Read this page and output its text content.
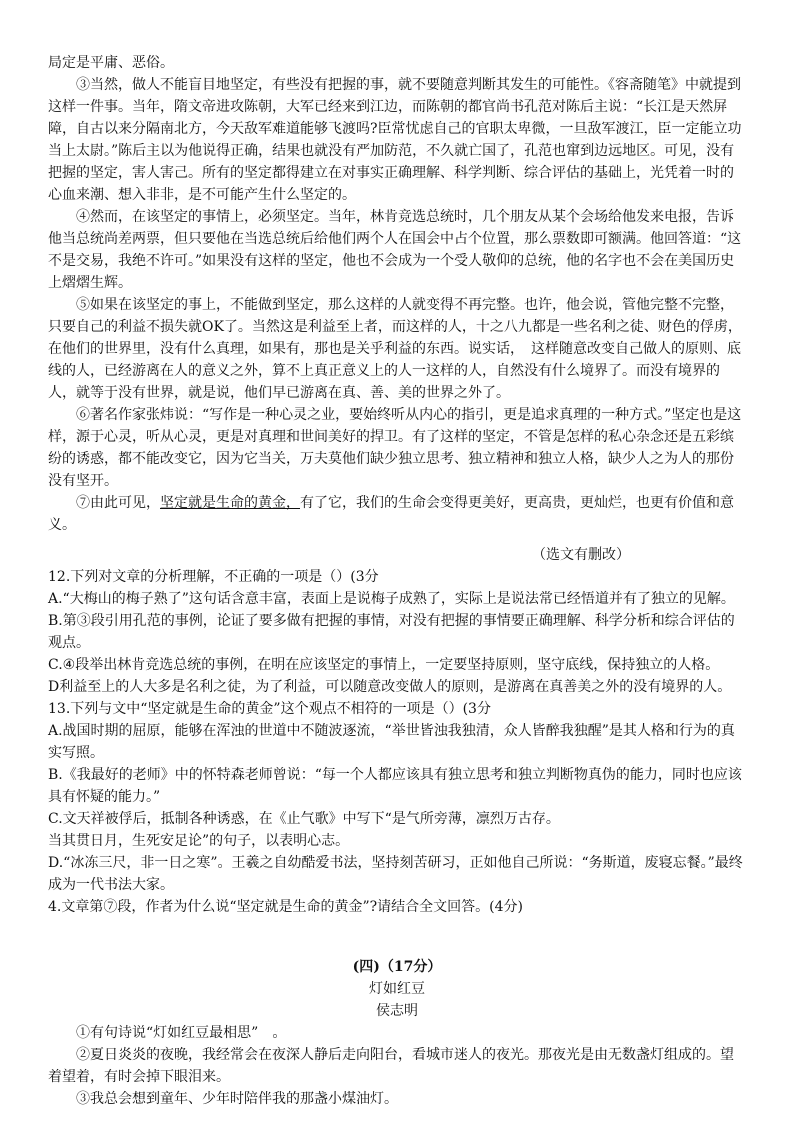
局定是平庸、恶俗。

③当然，做人不能盲目地坚定，有些没有把握的事，就不要随意判断其发生的可能性。《容斋随笔》中就提到这样一件事。当年，隋文帝进攻陈朝，大军已经来到江边，而陈朝的都官尚书孔范对陈后主说：“长江是天然屏障，自古以来分隔南北方，今天敌军难道能够飞渡吗?臣常忧虑自己的官职太卑微，一旦敌军渡江，臣一定能立功当上太尉。”陈后主以为他说得正确，结果也就没有严加防范，不久就亡国了，孔范也窜到边远地区。可见，没有把握的坚定，害人害己。所有的坚定都得建立在对事实正确理解、科学判断、综合评估的基础上，光凭着一时的心血来潮、想入非非，是不可能产生什么坚定的。

④然而，在该坚定的事情上，必须坚定。当年，林肯竞选总统时，几个朋友从某个会场给他发来电报，告诉他当总统尚差两票，但只要他在当选总统后给他们两个人在国会中占个位置，那么票数即可额满。他回答道：“这不是交易，我绝不许可。”如果没有这样的坚定，他也不会成为一个受人敬仰的总统，他的名字也不会在美国历史上熠熠生辉。

⑤如果在该坚定的事上，不能做到坚定，那么这样的人就变得不再完整。也许，他会说，管他完整不完整，只要自己的利益不损失就OK了。当然这是利益至上者，而这样的人，十之八九都是一些名利之徒、财色的俘虏，在他们的世界里，没有什么真理，如果有，那也是关乎利益的东西。说实话，　这样随意改变自己做人的原则、底线的人，已经游离在人的意义之外，算不上真正意义上的人一这样的人，自然没有什么境界了。而没有境界的人，就等于没有世界，就是说，他们早已游离在真、善、美的世界之外了。

⑥著名作家张炜说：“写作是一种心灵之业，要始终听从内心的指引，更是追求真理的一种方式。”坚定也是这样，源于心灵，听从心灵，更是对真理和世间美好的捍卫。有了这样的坚定，不管是怎样的私心杂念还是五彩缤纷的诱惑，都不能改变它，因为它当关，万夫莫他们缺少独立思考、独立精神和独立人格，缺少人之为人的那份

没有坚开。

⑦由此可见，坚定就是生命的黄金，有了它，我们的生命会变得更美好，更高贵，更灿烂，也更有价值和意义。

（选文有删改）

12.下列对文章的分析理解，不正确的一项是（）(3分

A.“大梅山的梅子熟了”这句话含意丰富，表面上是说梅子成熟了，实际上是说法常已经悟道并有了独立的见解。

B.第③段引用孔范的事例，论证了要多做有把握的事情，对没有把握的事情要正确理解、科学分析和综合评估的观点。

C.④段举出林肯竞选总统的事例，在明在应该坚定的事情上，一定要坚持原则，坚守底线，保持独立的人格。

D利益至上的人大多是名利之徒，为了利益，可以随意改变做人的原则，是游离在真善美之外的没有境界的人。

13.下列与文中“坚定就是生命的黄金”这个观点不相符的一项是（）(3分

A.战国时期的屈原，能够在浑浊的世道中不随波逐流，“举世皆浊我独清，众人皆醉我独醒”是其人格和行为的真实写照。

B.《我最好的老师》中的怀特森老师曾说：“每一个人都应该具有独立思考和独立判断物真伪的能力，同时也应该具有怀疑的能力。”

C.文天祥被俘后，抵制各种诱惑，在《止气歌》中写下“是气所旁薄，凛烈万古存。

当其贯日月，生死安足论”的句子，以表明心志。

D.“冰冻三尺，非一日之寒”。王羲之自幼酷爱书法，坚持刻苦研习，正如他自己所说：“务斯道，废寝忘餐。”最终成为一代书法大家。

4.文章第⑦段，作者为什么说“坚定就是生命的黄金”?请结合全文回答。(4分)

(四)（17分）

灯如红豆

侯志明

①有句诗说“灯如红豆最相思”　。

②夏日炎炎的夜晚，我经常会在夜深人静后走向阳台，看城市迷人的夜光。那夜光是由无数盏灯组成的。望着望着，有时会掉下眼泪来。

③我总会想到童年、少年时陪伴我的那盏小煤油灯。
